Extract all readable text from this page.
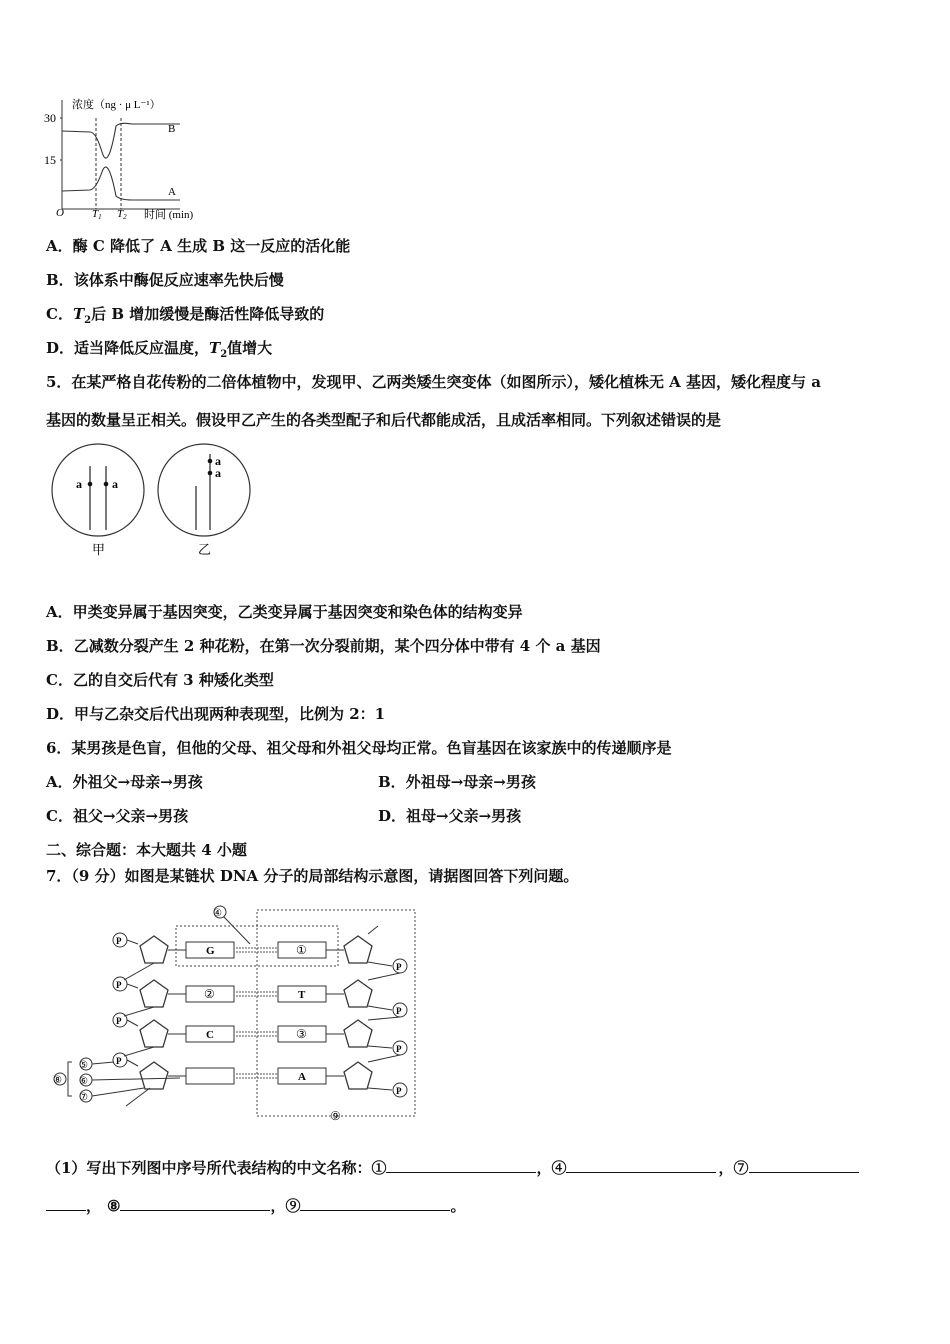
浓度（ng · μ L⁻¹）
30
15
O	T1 T2 时间 (min)
B
A
A．酶 C 降低了 A 生成 B 这一反应的活化能
B．该体系中酶促反应速率先快后慢
C．$T_2$后 B 增加缓慢是酶活性降低导致的
D．适当降低反应温度，$T_2$值增大
5．在某严格自花传粉的二倍体植物中，发现甲、乙两类矮生突变体（如图所示），矮化植株无 A 基因，矮化程度与 a
基因的数量呈正相关。假设甲乙产生的各类型配子和后代都能成活，且成活率相同。下列叙述错误的是
a	a
甲
a
a
乙
A．甲类变异属于基因突变，乙类变异属于基因突变和染色体的结构变异
B．乙减数分裂产生 2 种花粉，在第一次分裂前期，某个四分体中带有 4 个 a 基因
C．乙的自交后代有 3 种矮化类型
D．甲与乙杂交后代出现两种表现型，比例为 2：1
6．某男孩是色盲，但他的父母、祖父母和外祖父母均正常。色盲基因在该家族中的传递顺序是
A．外祖父→母亲→男孩	B．外祖母→母亲→男孩
C．祖父→父亲→男孩	D．祖母→父亲→男孩
二、综合题：本大题共 4 小题
7．（9 分）如图是某链状 DNA 分子的局部结构示意图，请据图回答下列问题。
④
⑨
P
G	①
P
P
②	T
P
P
C	③
P
P
A
P
⑤
⑥
⑦
⑧
（1）写出下列图中序号所代表结构的中文名称：①	，④	，⑦
， ⑧	，⑨	。
